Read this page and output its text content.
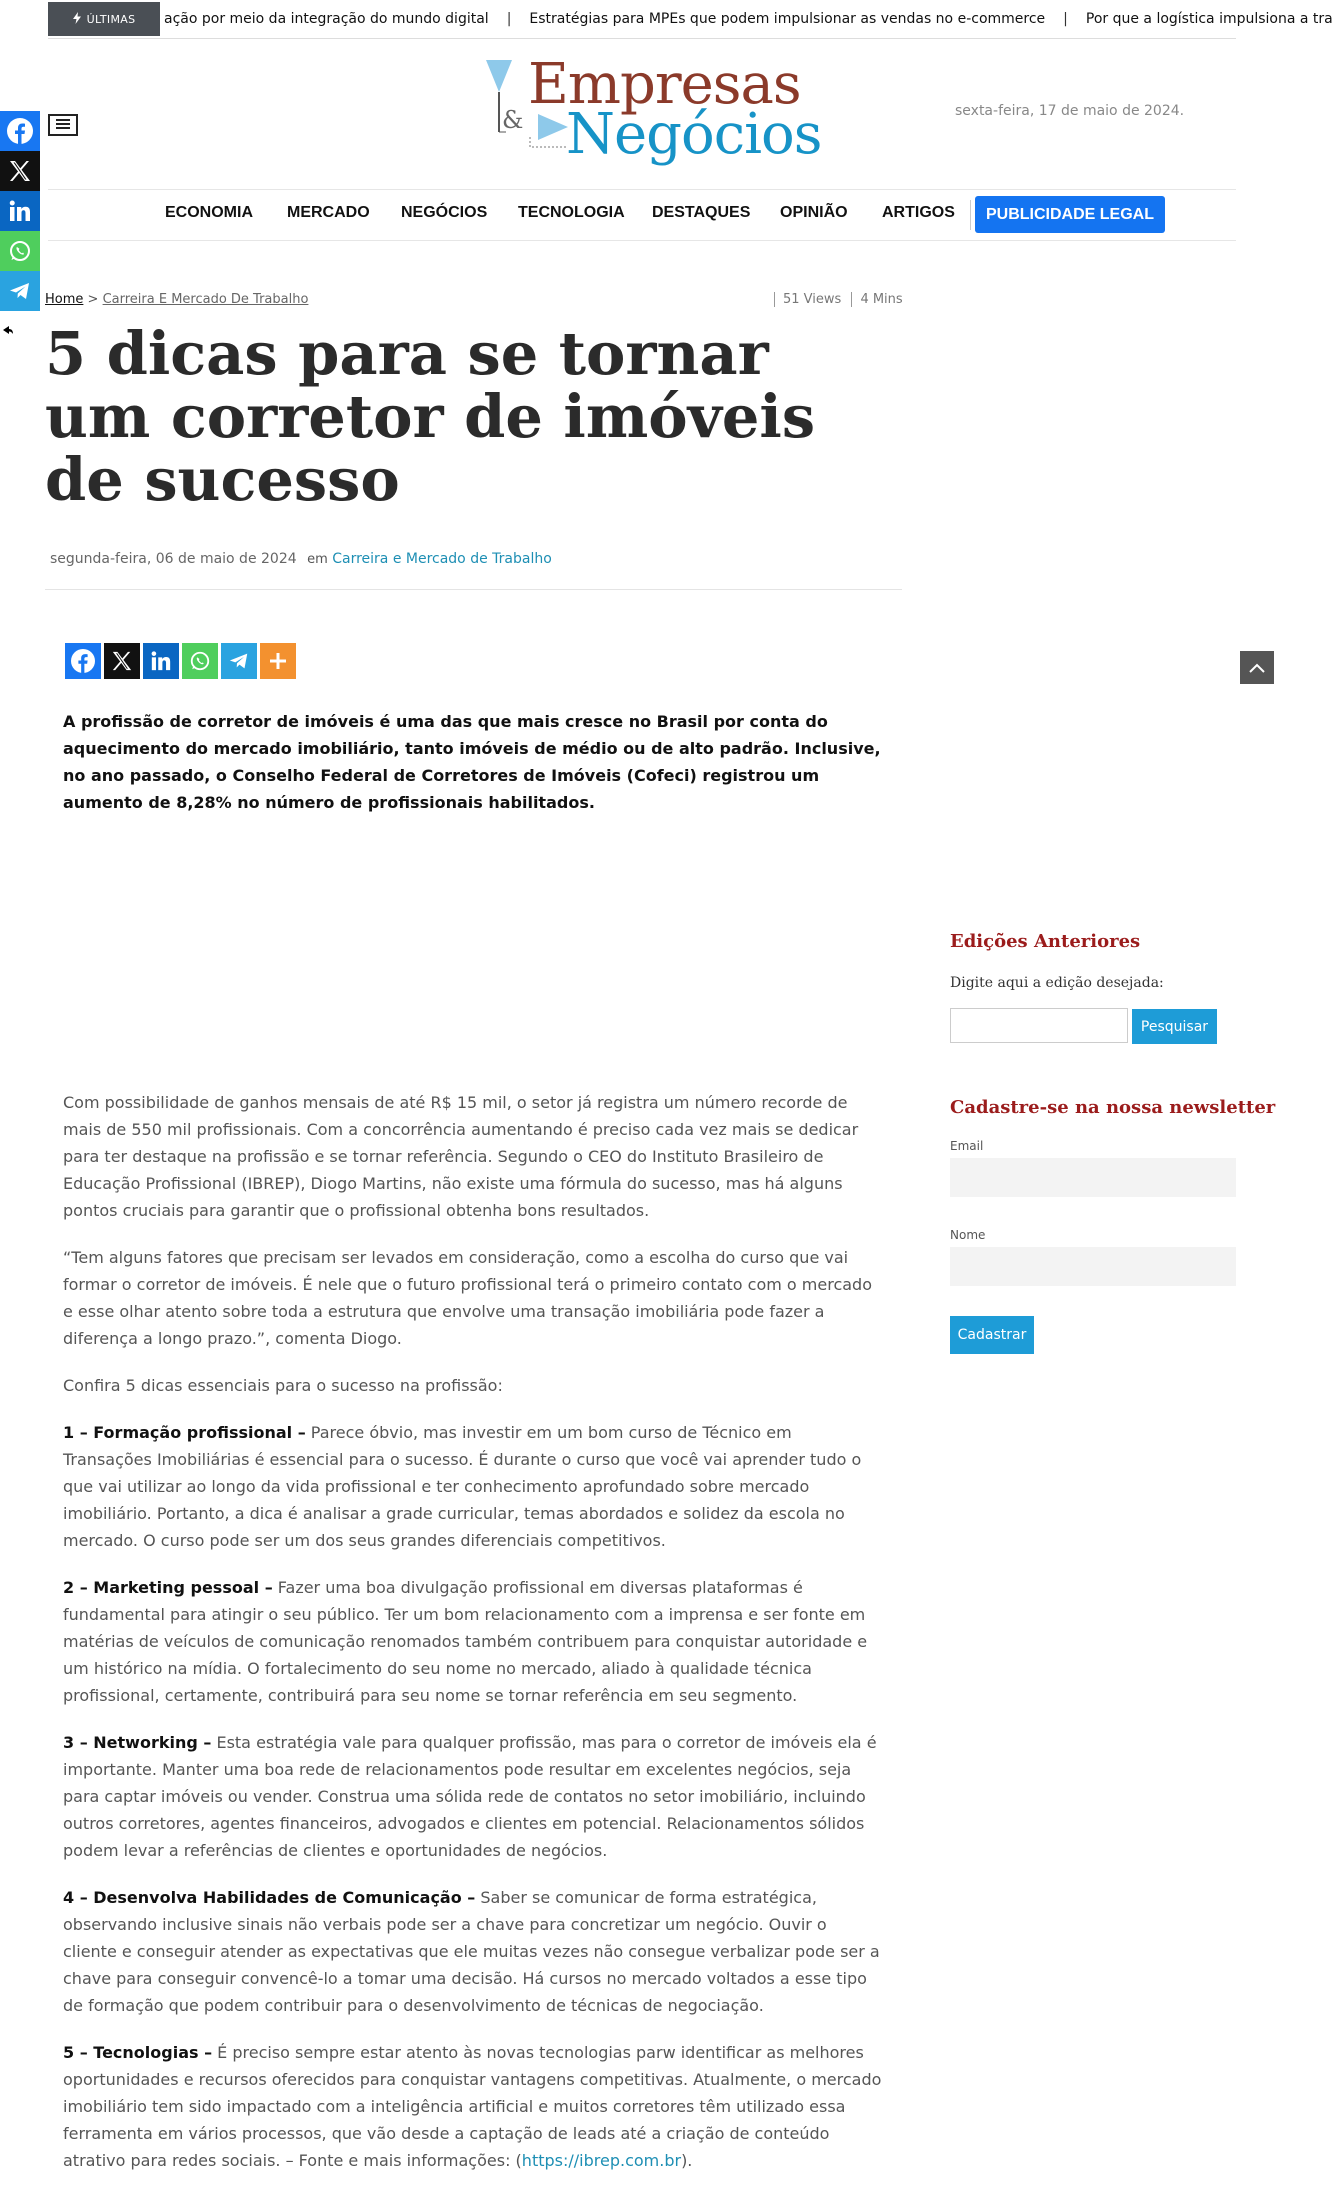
ÚLTIMAS ação por meio da integração do mundo digital | Estratégias para MPEs que podem impulsionar as vendas no e-commerce | Por que a logística impulsiona a tra
Empresas
& Negócios	sexta-feira, 17 de maio de 2024.
ECONOMIA MERCADO NEGÓCIOS TECNOLOGIA DESTAQUES OPINIÃO ARTIGOS	PUBLICIDADE LEGAL
Home > Carreira E Mercado De Trabalho	51 Views 4 Mins
5 dicas para se tornar um corretor de imóveis de sucesso
segunda-feira, 06 de maio de 2024 em Carreira e Mercado de Trabalho

A profissão de corretor de imóveis é uma das que mais cresce no Brasil por conta do aquecimento do mercado imobiliário, tanto imóveis de médio ou de alto padrão. Inclusive, no ano passado, o Conselho Federal de Corretores de Imóveis (Cofeci) registrou um aumento de 8,28% no número de profissionais habilitados.

Com possibilidade de ganhos mensais de até R$ 15 mil, o setor já registra um número recorde de mais de 550 mil profissionais. Com a concorrência aumentando é preciso cada vez mais se dedicar para ter destaque na profissão e se tornar referência. Segundo o CEO do Instituto Brasileiro de Educação Profissional (IBREP), Diogo Martins, não existe uma fórmula do sucesso, mas há alguns pontos cruciais para garantir que o profissional obtenha bons resultados.

“Tem alguns fatores que precisam ser levados em consideração, como a escolha do curso que vai formar o corretor de imóveis. É nele que o futuro profissional terá o primeiro contato com o mercado e esse olhar atento sobre toda a estrutura que envolve uma transação imobiliária pode fazer a diferença a longo prazo.”, comenta Diogo.

Confira 5 dicas essenciais para o sucesso na profissão:

1 – Formação profissional – Parece óbvio, mas investir em um bom curso de Técnico em Transações Imobiliárias é essencial para o sucesso. É durante o curso que você vai aprender tudo o que vai utilizar ao longo da vida profissional e ter conhecimento aprofundado sobre mercado imobiliário. Portanto, a dica é analisar a grade curricular, temas abordados e solidez da escola no mercado. O curso pode ser um dos seus grandes diferenciais competitivos.

2 – Marketing pessoal – Fazer uma boa divulgação profissional em diversas plataformas é fundamental para atingir o seu público. Ter um bom relacionamento com a imprensa e ser fonte em matérias de veículos de comunicação renomados também contribuem para conquistar autoridade e um histórico na mídia. O fortalecimento do seu nome no mercado, aliado à qualidade técnica profissional, certamente, contribuirá para seu nome se tornar referência em seu segmento.

3 – Networking – Esta estratégia vale para qualquer profissão, mas para o corretor de imóveis ela é importante. Manter uma boa rede de relacionamentos pode resultar em excelentes negócios, seja para captar imóveis ou vender. Construa uma sólida rede de contatos no setor imobiliário, incluindo outros corretores, agentes financeiros, advogados e clientes em potencial. Relacionamentos sólidos podem levar a referências de clientes e oportunidades de negócios.

4 – Desenvolva Habilidades de Comunicação – Saber se comunicar de forma estratégica, observando inclusive sinais não verbais pode ser a chave para concretizar um negócio. Ouvir o cliente e conseguir atender as expectativas que ele muitas vezes não consegue verbalizar pode ser a chave para conseguir convencê-lo a tomar uma decisão. Há cursos no mercado voltados a esse tipo de formação que podem contribuir para o desenvolvimento de técnicas de negociação.

5 – Tecnologias – É preciso sempre estar atento às novas tecnologias parw identificar as melhores oportunidades e recursos oferecidos para conquistar vantagens competitivas. Atualmente, o mercado imobiliário tem sido impactado com a inteligência artificial e muitos corretores têm utilizado essa ferramenta em vários processos, que vão desde a captação de leads até a criação de conteúdo atrativo para redes sociais. – Fonte e mais informações: (https://ibrep.com.br).

Edições Anteriores
Digite aqui a edição desejada:
Pesquisar
Cadastre-se na nossa newsletter
Email
Nome
Cadastrar
